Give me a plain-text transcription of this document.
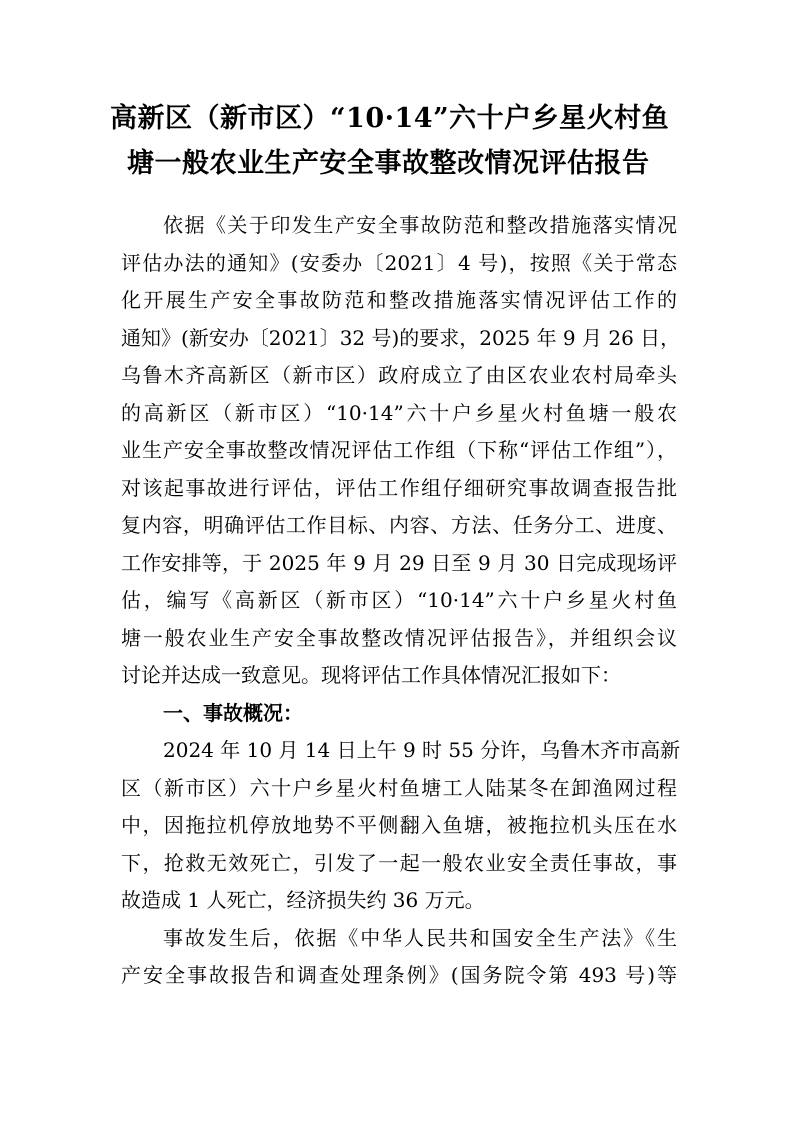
高新区（新市区）“10·14”六十户乡星火村鱼
塘一般农业生产安全事故整改情况评估报告
依据《关于印发生产安全事故防范和整改措施落实情况
评估办法的通知》(安委办〔2021〕4 号)，按照《关于常态
化开展生产安全事故防范和整改措施落实情况评估工作的
通知》(新安办〔2021〕32 号)的要求，2025 年 9 月 26 日，
乌鲁木齐高新区（新市区）政府成立了由区农业农村局牵头
的高新区（新市区）“10·14”六十户乡星火村鱼塘一般农
业生产安全事故整改情况评估工作组（下称“评估工作组”），
对该起事故进行评估，评估工作组仔细研究事故调查报告批
复内容，明确评估工作目标、内容、方法、任务分工、进度、
工作安排等，于 2025 年 9 月 29 日至 9 月 30 日完成现场评
估，编写《高新区（新市区）“10·14”六十户乡星火村鱼
塘一般农业生产安全事故整改情况评估报告》，并组织会议
讨论并达成一致意见。现将评估工作具体情况汇报如下：
一、事故概况：
2024 年 10 月 14 日上午 9 时 55 分许，乌鲁木齐市高新
区（新市区）六十户乡星火村鱼塘工人陆某冬在卸渔网过程
中，因拖拉机停放地势不平侧翻入鱼塘，被拖拉机头压在水
下，抢救无效死亡，引发了一起一般农业安全责任事故，事
故造成 1 人死亡，经济损失约 36 万元。
事故发生后，依据《中华人民共和国安全生产法》《生
产安全事故报告和调查处理条例》(国务院令第 493 号)等
